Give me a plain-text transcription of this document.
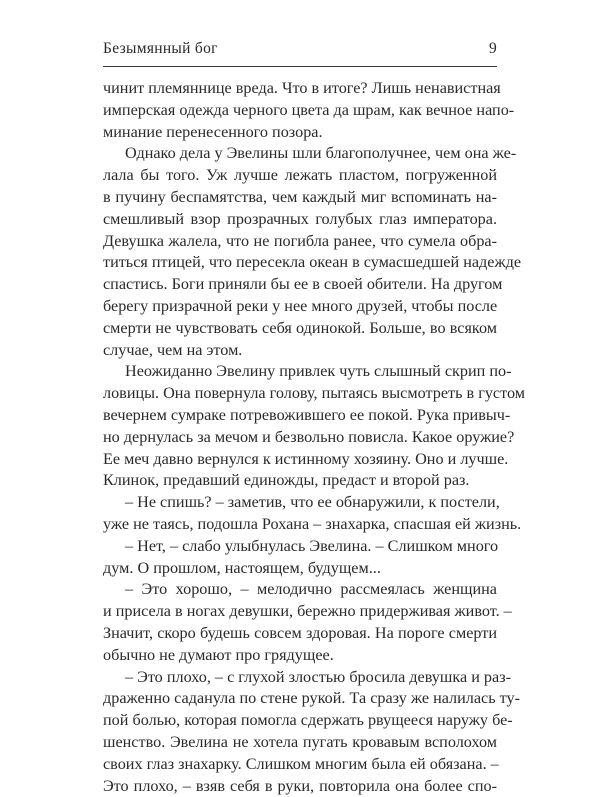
Безымянный бог	9
чинит племяннице вреда. Что в итоге? Лишь ненавистная
имперская одежда черного цвета да шрам, как вечное напо-
минание перенесенного позора.
Однако дела у Эвелины шли благополучнее, чем она же-
лала бы того. Уж лучше лежать пластом, погруженной
в пучину беспамятства, чем каждый миг вспоминать на-
смешливый взор прозрачных голубых глаз императора.
Девушка жалела, что не погибла ранее, что сумела обра-
титься птицей, что пересекла океан в сумасшедшей надежде
спастись. Боги приняли бы ее в своей обители. На другом
берегу призрачной реки у нее много друзей, чтобы после
смерти не чувствовать себя одинокой. Больше, во всяком
случае, чем на этом.
Неожиданно Эвелину привлек чуть слышный скрип по-
ловицы. Она повернула голову, пытаясь высмотреть в густом
вечернем сумраке потревожившего ее покой. Рука привыч-
но дернулась за мечом и безвольно повисла. Какое оружие?
Ее меч давно вернулся к истинному хозяину. Оно и лучше.
Клинок, предавший единожды, предаст и второй раз.
– Не спишь? – заметив, что ее обнаружили, к постели,
уже не таясь, подошла Рохана – знахарка, спасшая ей жизнь.
– Нет, – слабо улыбнулась Эвелина. – Слишком много
дум. О прошлом, настоящем, будущем...
– Это хорошо, – мелодично рассмеялась женщина
и присела в ногах девушки, бережно придерживая живот. –
Значит, скоро будешь совсем здоровая. На пороге смерти
обычно не думают про грядущее.
– Это плохо, – с глухой злостью бросила девушка и раз-
драженно саданула по стене рукой. Та сразу же налилась ту-
пой болью, которая помогла сдержать рвущееся наружу бе-
шенство. Эвелина не хотела пугать кровавым всполохом
своих глаз знахарку. Слишком многим была ей обязана. –
Это плохо, – взяв себя в руки, повторила она более спо-
